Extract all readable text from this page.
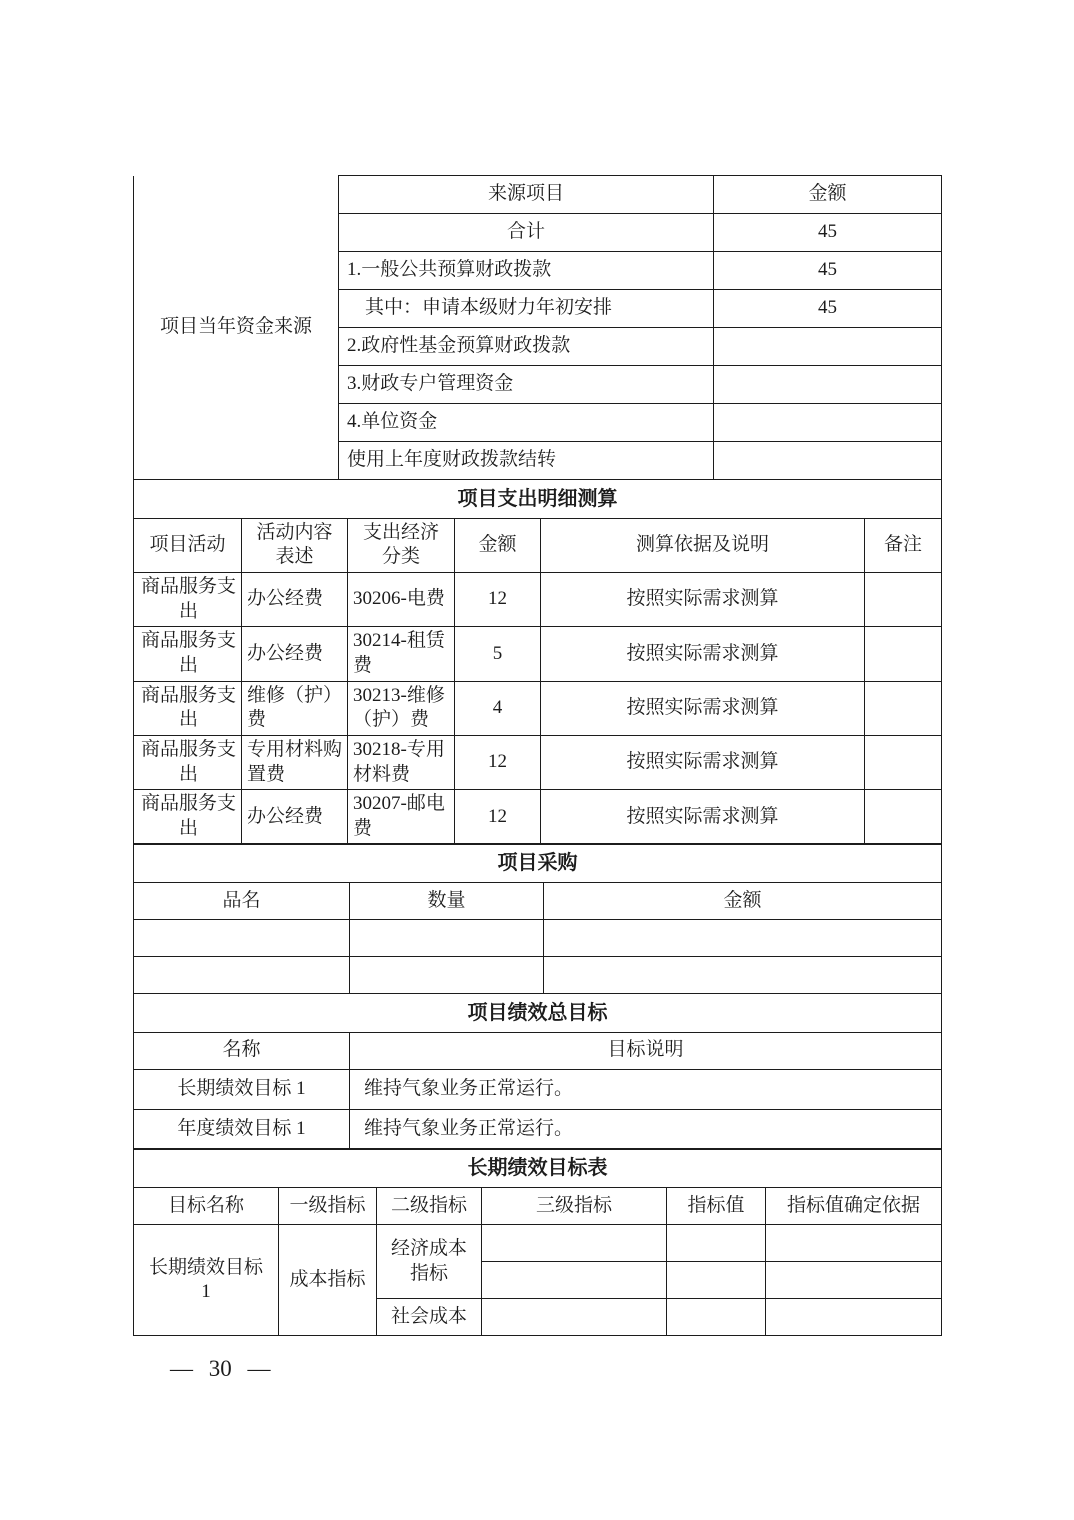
项目当年资金来源	来源项目	金额
	合计	45
	1.一般公共预算财政拨款	45
	其中：申请本级财力年初安排	45
	2.政府性基金预算财政拨款	
	3.财政专户管理资金	
	4.单位资金	
	使用上年度财政拨款结转	
项目支出明细测算					
项目活动	活动内容表述	支出经济分类	金额	测算依据及说明	备注
商品服务支出	办公经费	30206-电费	12	按照实际需求测算	
商品服务支出	办公经费	30214-租赁费	5	按照实际需求测算	
商品服务支出	维修（护）费	30213-维修（护）费	4	按照实际需求测算	
商品服务支出	专用材料购置费	30218-专用材料费	12	按照实际需求测算	
商品服务支出	办公经费	30207-邮电费	12	按照实际需求测算	
项目采购		
品名	数量	金额

项目绩效总目标	
名称	目标说明
长期绩效目标 1	维持气象业务正常运行。
年度绩效目标 1	维持气象业务正常运行。
长期绩效目标表					
目标名称	一级指标	二级指标	三级指标	指标值	指标值确定依据
长期绩效目标 1	成本指标	经济成本指标			

		社会成本			
— 30 —
